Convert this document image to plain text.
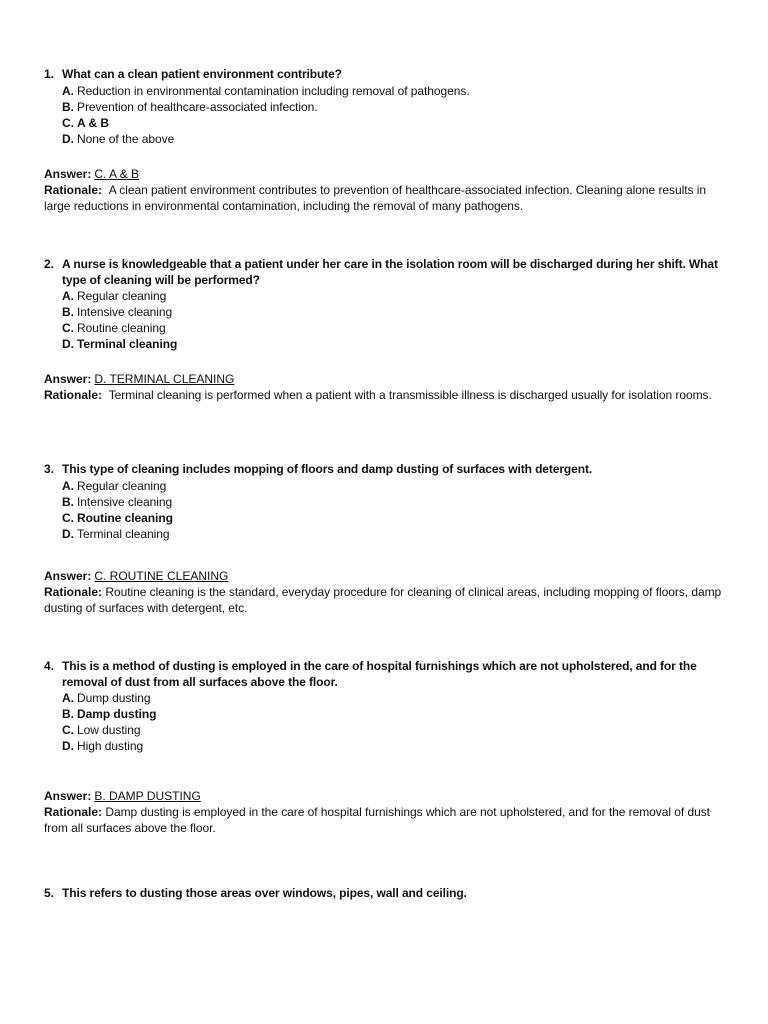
1. What can a clean patient environment contribute?
A. Reduction in environmental contamination including removal of pathogens.
B. Prevention of healthcare-associated infection.
C. A & B
D. None of the above
Answer: C. A & B
Rationale: A clean patient environment contributes to prevention of healthcare-associated infection. Cleaning alone results in large reductions in environmental contamination, including the removal of many pathogens.
2. A nurse is knowledgeable that a patient under her care in the isolation room will be discharged during her shift. What type of cleaning will be performed?
A. Regular cleaning
B. Intensive cleaning
C. Routine cleaning
D. Terminal cleaning
Answer: D. TERMINAL CLEANING
Rationale: Terminal cleaning is performed when a patient with a transmissible illness is discharged usually for isolation rooms.
3. This type of cleaning includes mopping of floors and damp dusting of surfaces with detergent.
A. Regular cleaning
B. Intensive cleaning
C. Routine cleaning
D. Terminal cleaning
Answer: C. ROUTINE CLEANING
Rationale: Routine cleaning is the standard, everyday procedure for cleaning of clinical areas, including mopping of floors, damp dusting of surfaces with detergent, etc.
4. This is a method of dusting is employed in the care of hospital furnishings which are not upholstered, and for the removal of dust from all surfaces above the floor.
A. Dump dusting
B. Damp dusting
C. Low dusting
D. High dusting
Answer: B. DAMP DUSTING
Rationale: Damp dusting is employed in the care of hospital furnishings which are not upholstered, and for the removal of dust from all surfaces above the floor.
5. This refers to dusting those areas over windows, pipes, wall and ceiling.
